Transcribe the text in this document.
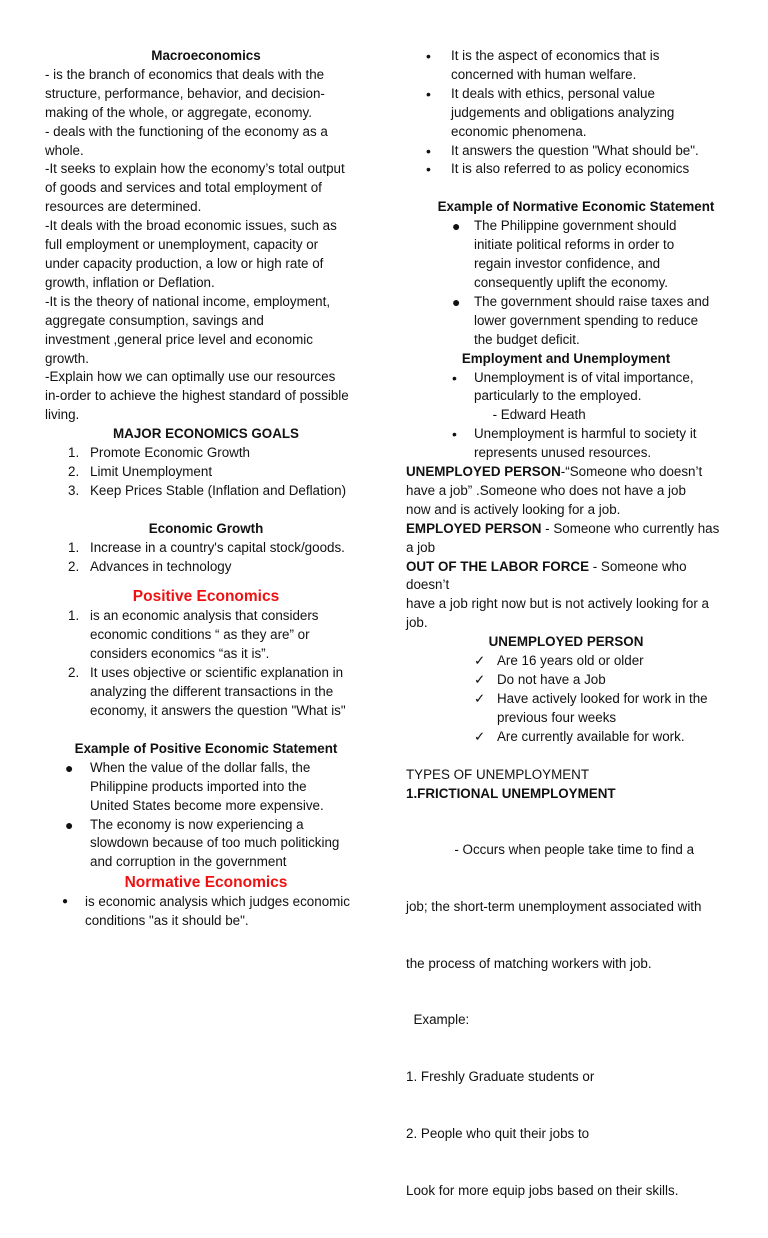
Macroeconomics
- is the branch of economics that deals with the
structure, performance, behavior, and decision-
making of the whole, or aggregate, economy.
- deals with the functioning of the economy as a
whole.
-It seeks to explain how the economy’s total output
of goods and services and total employment of
resources are determined.
-It deals with the broad economic issues, such as
full employment or unemployment, capacity or
under capacity production, a low or high rate of
growth, inflation or Deflation.
-It is the theory of national income, employment,
aggregate consumption, savings and
investment ,general price level and economic
growth.
-Explain how we can optimally use our resources
in-order to achieve the highest standard of possible
living.
MAJOR ECONOMICS GOALS
1. Promote Economic Growth
2. Limit Unemployment
3. Keep Prices Stable (Inflation and Deflation)
Economic Growth
1. Increase in a country's capital stock/goods.
2. Advances in technology
Positive Economics
1. is an economic analysis that considers
economic conditions “ as they are” or
considers economics “as it is”.
2. It uses objective or scientific explanation in
analyzing the different transactions in the
economy, it answers the question "What is"
Example of Positive Economic Statement
● When the value of the dollar falls, the
Philippine products imported into the
United States become more expensive.
● The economy is now experiencing a
slowdown because of too much politicking
and corruption in the government
Normative Economics
● is economic analysis which judges economic
conditions "as it should be".
• It is the aspect of economics that is
concerned with human welfare.
• It deals with ethics, personal value
judgements and obligations analyzing
economic phenomena.
• It answers the question "What should be".
• It is also referred to as policy economics
Example of Normative Economic Statement
● The Philippine government should
initiate political reforms in order to
regain investor confidence, and
consequently uplift the economy.
● The government should raise taxes and
lower government spending to reduce
the budget deficit.
Employment and Unemployment
• Unemployment is of vital importance,
particularly to the employed.
- Edward Heath
• Unemployment is harmful to society it
represents unused resources.
UNEMPLOYED PERSON-“Someone who doesn’t
have a job” .Someone who does not have a job
now and is actively looking for a job.
EMPLOYED PERSON - Someone who currently has
a job
OUT OF THE LABOR FORCE - Someone who doesn’t
have a job right now but is not actively looking for a
job.
UNEMPLOYED PERSON
✓ Are 16 years old or older
✓ Do not have a Job
✓ Have actively looked for work in the
previous four weeks
✓ Are currently available for work.
TYPES OF UNEMPLOYMENT
1.FRICTIONAL UNEMPLOYMENT

- Occurs when people take time to find a

job; the short-term unemployment associated with

the process of matching workers with job.

Example:

1. Freshly Graduate students or

2. People who quit their jobs to

Look for more equip jobs based on their skills.
